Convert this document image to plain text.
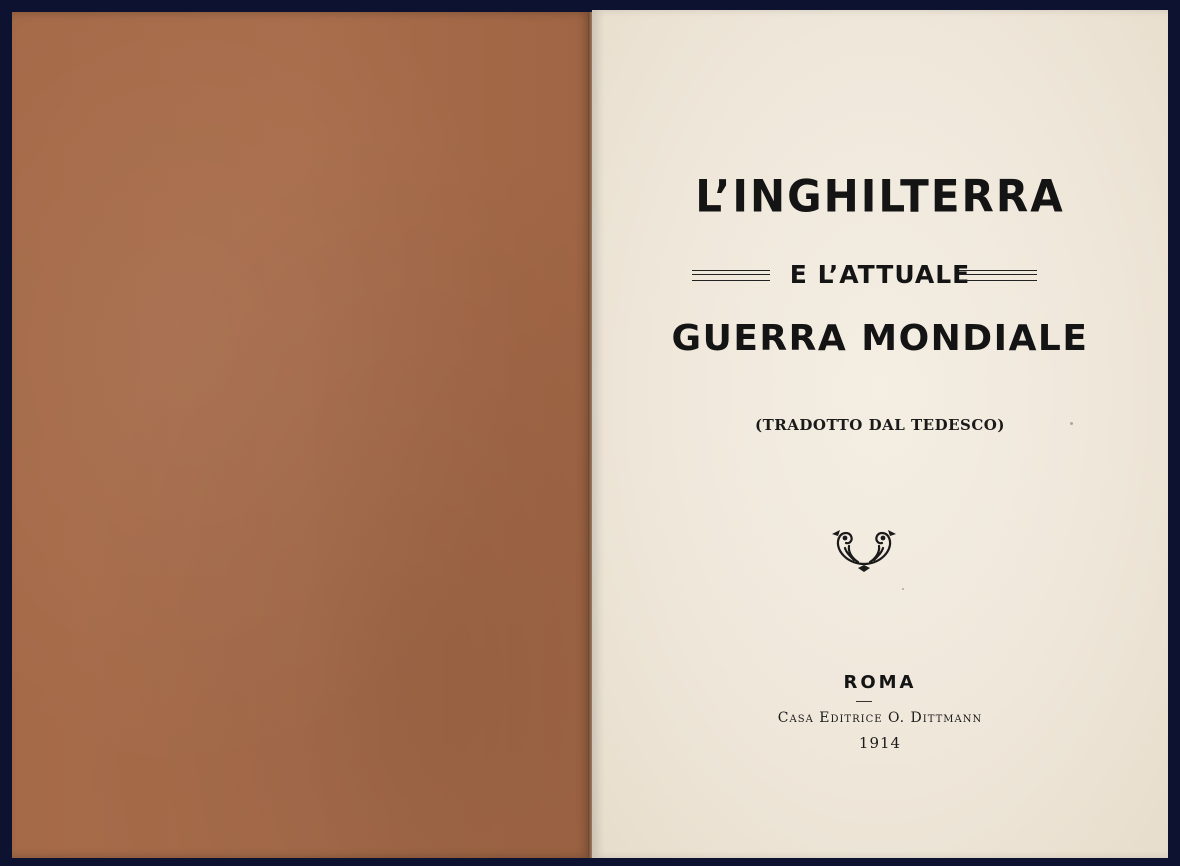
L’INGHILTERRA
E L’ATTUALE
GUERRA MONDIALE
(TRADOTTO DAL TEDESCO)
ROMA
Casa Editrice O. Dittmann
1914
